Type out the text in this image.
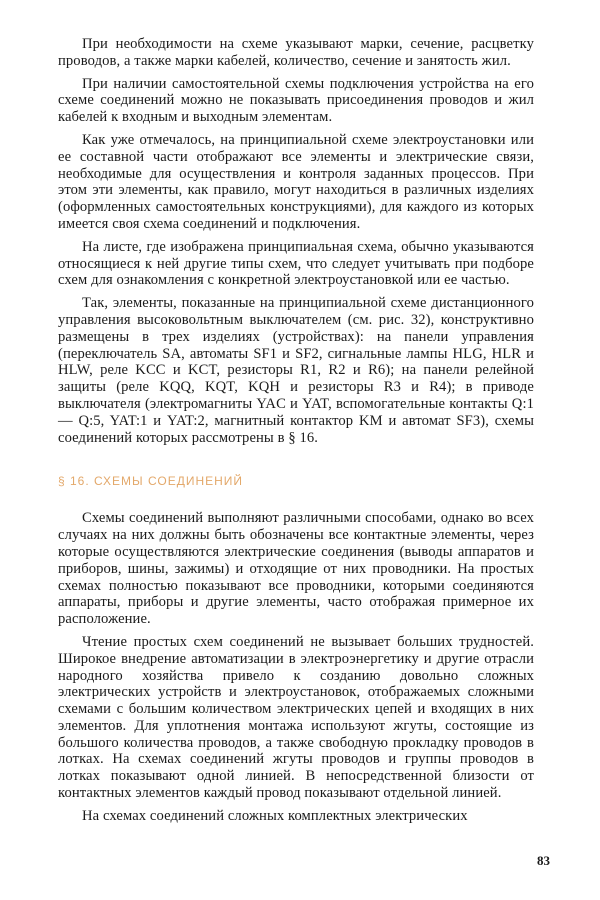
При необходимости на схеме указывают марки, сечение, расцветку проводов, а также марки кабелей, количество, сечение и занятость жил.

При наличии самостоятельной схемы подключения устройства на его схеме соединений можно не показывать присоединения проводов и жил кабелей к входным и выходным элементам.

Как уже отмечалось, на принципиальной схеме электроустановки или ее составной части отображают все элементы и электрические связи, необходимые для осуществления и контроля заданных процессов. При этом эти элементы, как правило, могут находиться в различных изделиях (оформленных самостоятельных конструкциями), для каждого из которых имеется своя схема соединений и подключения.

На листе, где изображена принципиальная схема, обычно указываются относящиеся к ней другие типы схем, что следует учитывать при подборе схем для ознакомления с конкретной электроустановкой или ее частью.

Так, элементы, показанные на принципиальной схеме дистанционного управления высоковольтным выключателем (см. рис. 32), конструктивно размещены в трех изделиях (устройствах): на панели управления (переключатель SA, автоматы SF1 и SF2, сигнальные лампы HLG, HLR и HLW, реле KCC и KCT, резисторы R1, R2 и R6); на панели релейной защиты (реле KQQ, KQT, KQH и резисторы R3 и R4); в приводе выключателя (электромагниты YAC и YAT, вспомогательные контакты Q:1 — Q:5, YAT:1 и YAT:2, магнитный контактор KM и автомат SF3), схемы соединений которых рассмотрены в § 16.

§ 16. СХЕМЫ СОЕДИНЕНИЙ

Схемы соединений выполняют различными способами, однако во всех случаях на них должны быть обозначены все контактные элементы, через которые осуществляются электрические соединения (выводы аппаратов и приборов, шины, зажимы) и отходящие от них проводники. На простых схемах полностью показывают все проводники, которыми соединяются аппараты, приборы и другие элементы, часто отображая примерное их расположение.

Чтение простых схем соединений не вызывает больших трудностей. Широкое внедрение автоматизации в электроэнергетику и другие отрасли народного хозяйства привело к созданию довольно сложных электрических устройств и электроустановок, отображаемых сложными схемами с большим количеством электрических цепей и входящих в них элементов. Для уплотнения монтажа используют жгуты, состоящие из большого количества проводов, а также свободную прокладку проводов в лотках. На схемах соединений жгуты проводов и группы проводов в лотках показывают одной линией. В непосредственной близости от контактных элементов каждый провод показывают отдельной линией.

На схемах соединений сложных комплектных электрических

83
